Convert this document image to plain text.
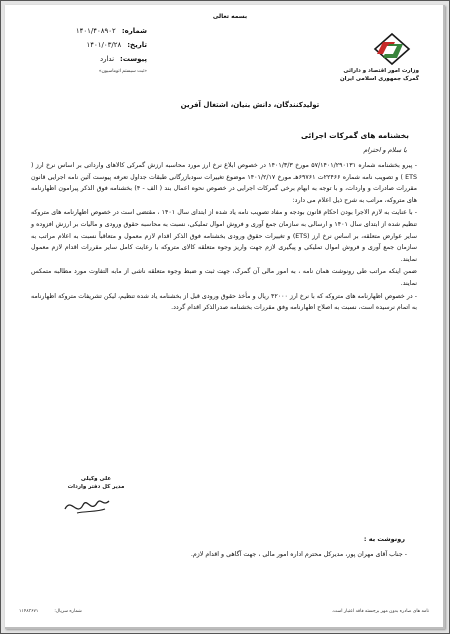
بسمه تعالی
شماره:
۱۴۰۱/۴۰۸۹۰۲
تاریخ:
۱۴۰۱/۰۳/۲۸
پیوست:
ندارد
«ثبت سیستم اتوماسیون»	وزارت امور اقتصاد و دارائی
گمرک جمهوری اسلامی ایران
تولیدکنندگان، دانش بنیان، اشتغال آفرین
بخشنامه های گمرکات اجرائی
با سلام و احترام

- پیرو بخشنامه شماره ۵۷/۱۴۰۱/۲۹۰۱۳۱ مورخ ۱۴۰۱/۳/۳ در خصوص ابلاغ نرخ ارز مورد محاسبه ارزش گمرکی کالاهای وارداتی بر اساس نرخ ارز ( ETS ) و تصویب نامه شماره ۲۲۴۶۶ت ۶۹۷۶۱هـ مورخ ۱۴۰۱/۲/۱۷ موضوع تغییرات سودبازرگانی طبقات جداول تعرفه پیوست آئین نامه اجرایی قانون مقررات صادرات و واردات، و با توجه به ابهام برخی گمرکات اجرایی در خصوص نحوه اعمال بند ( الف - ۴) بخشنامه فوق الذکر پیرامون اظهارنامه های متروکه، مراتب به شرح ذیل اعلام می دارد:

- با عنایت به لازم الاجرا بودن احکام قانون بودجه و مفاد تصویب نامه یاد شده از ابتدای سال ۱۴۰۱ ، مقتضی است در خصوص اظهارنامه های متروکه تنظیم شده از ابتدای سال ۱۴۰۱ و ارسالی به سازمان جمع آوری و فروش اموال تملیکی، نسبت به محاسبه حقوق ورودی و مالیات بر ارزش افزوده و سایر عوارض متعلقه، بر اساس نرخ ارز (ETS) و تغییرات حقوق ورودی بخشنامه فوق الذکر اقدام لازم معمول و متعاقباً نسبت به اعلام مراتب به سازمان جمع آوری و فروش اموال تملیکی و پیگیری لازم جهت واریز وجوه متعلقه کالای متروکه با رعایت کامل سایر مقررات اقدام لازم معمول نمایند.

ضمن اینکه مراتب طی رونوشت همان نامه ، به امور مالی آن گمرک، جهت ثبت و ضبط وجوه متعلقه ناشی از مابه التفاوت مورد مطالبه متمکس نمایند.

- در خصوص اظهارنامه های متروکه که با نرخ ارز ۴۲۰۰۰ ریال و مأخذ حقوق ورودی قبل از بخشنامه یاد شده تنظیم، لیکن تشریفات متروکة اظهارنامه به اتمام نرسیده است، نسبت به اصلاح اظهارنامه وفق مقررات بخشنامه صدرالذکر اقدام گردد.

علی وکیلی
مدیر کل دفتر واردات
رونوشت به :
- جناب آقای مهران پور، مدیرکل محترم اداره امور مالی ، جهت آگاهی و اقدام لازم.
نامه های صادره بدون مهر برجسته فاقد اعتبار است.
شماره سریال:
۱۱۴۸۳۶۷۱
